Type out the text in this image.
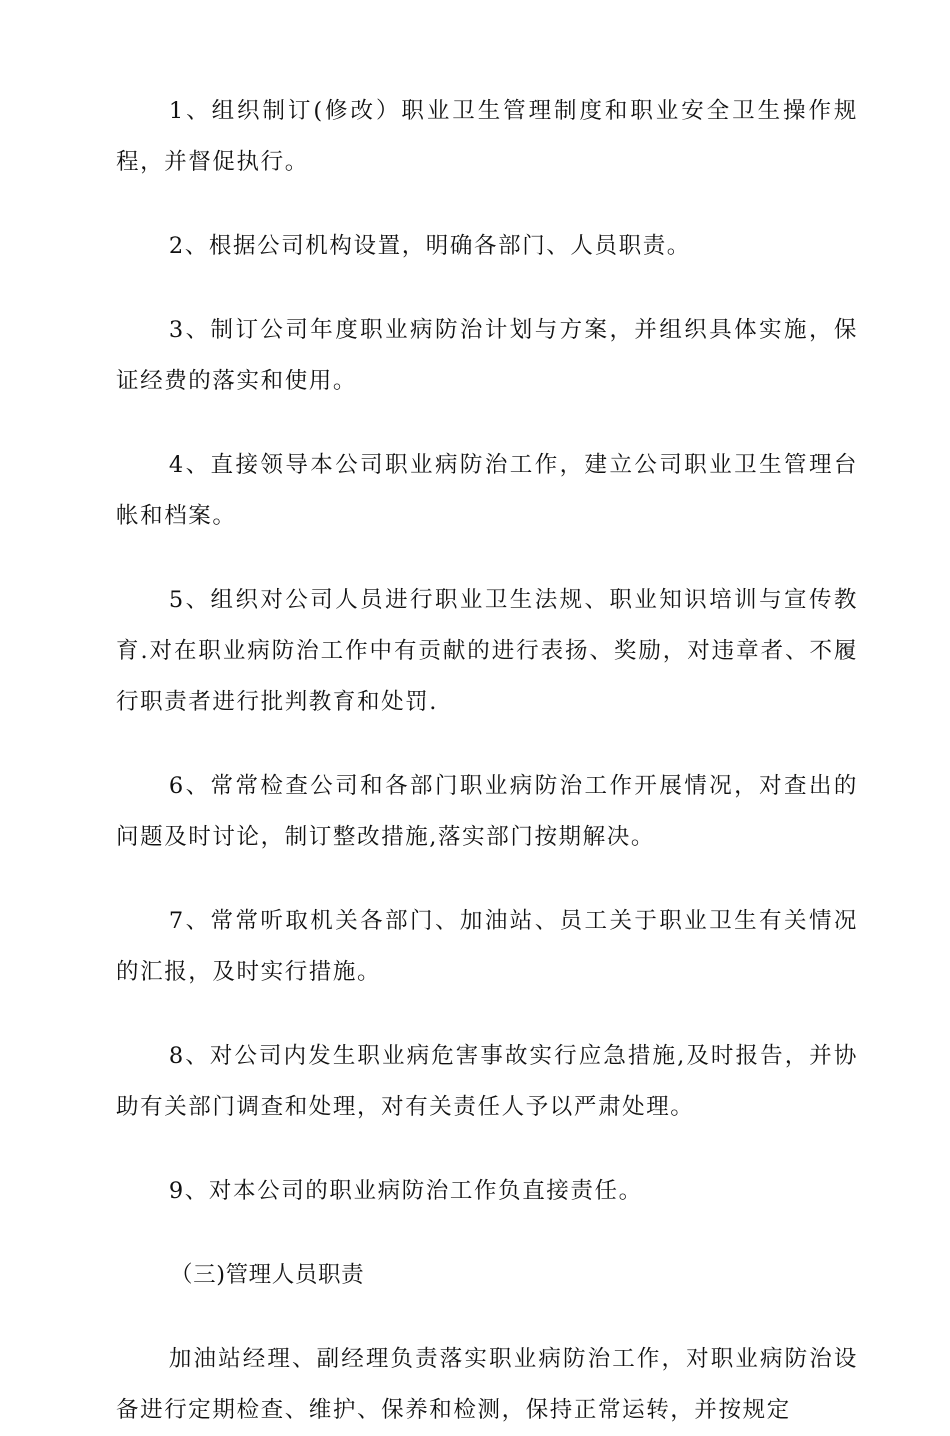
1、组织制订(修改）职业卫生管理制度和职业安全卫生操作规程，并督促执行。

2、根据公司机构设置，明确各部门、人员职责。

3、制订公司年度职业病防治计划与方案，并组织具体实施，保证经费的落实和使用。

4、直接领导本公司职业病防治工作，建立公司职业卫生管理台帐和档案。

5、组织对公司人员进行职业卫生法规、职业知识培训与宣传教育.对在职业病防治工作中有贡献的进行表扬、奖励，对违章者、不履行职责者进行批判教育和处罚.

6、常常检查公司和各部门职业病防治工作开展情况，对查出的问题及时讨论，制订整改措施,落实部门按期解决。

7、常常听取机关各部门、加油站、员工关于职业卫生有关情况的汇报，及时实行措施。

8、对公司内发生职业病危害事故实行应急措施,及时报告，并协助有关部门调查和处理，对有关责任人予以严肃处理。

9、对本公司的职业病防治工作负直接责任。

（三)管理人员职责

加油站经理、副经理负责落实职业病防治工作，对职业病防治设备进行定期检查、维护、保养和检测，保持正常运转，并按规定
